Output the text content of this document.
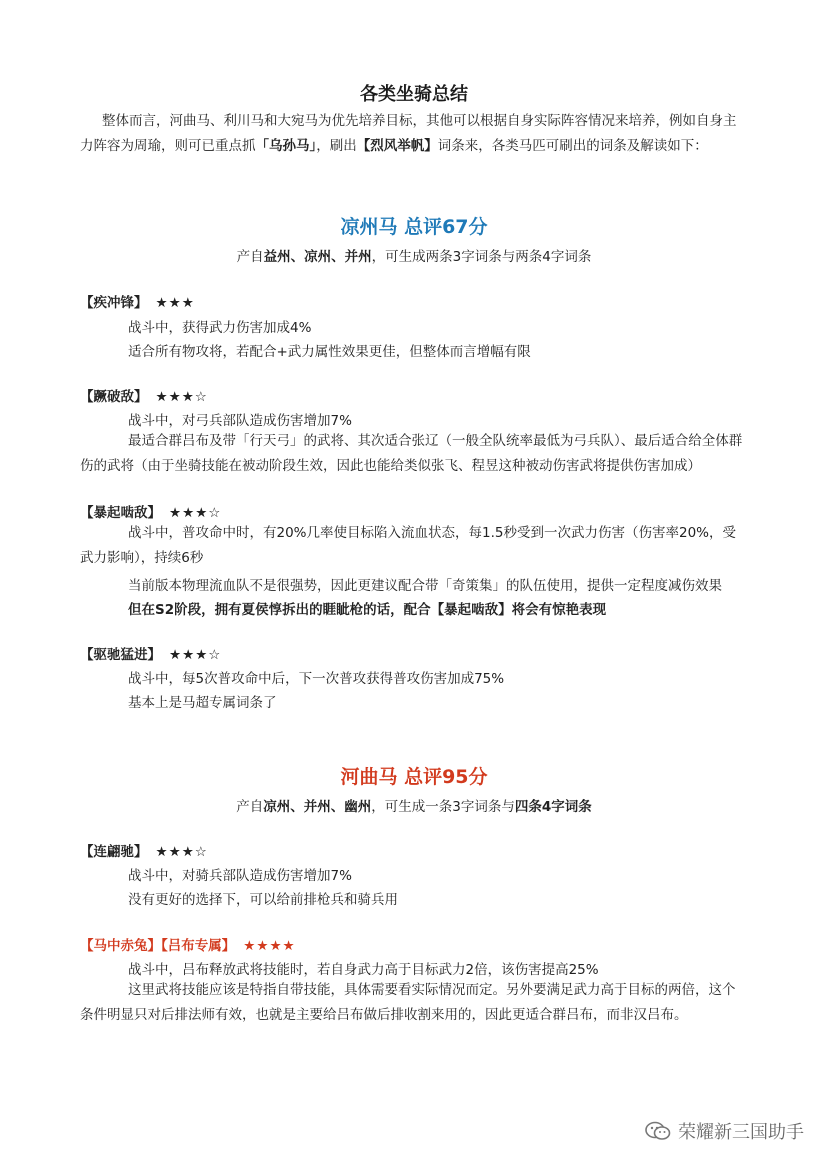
各类坐骑总结
整体而言，河曲马、利川马和大宛马为优先培养目标，其他可以根据自身实际阵容情况来培养，例如自身主力阵容为周瑜，则可已重点抓「乌孙马」，刷出【烈风举帆】词条来，各类马匹可刷出的词条及解读如下：
凉州马 总评67分
产自益州、凉州、并州，可生成两条3字词条与两条4字词条
【疾冲锋】 ★★★
战斗中，获得武力伤害加成4%
适合所有物攻将，若配合+武力属性效果更佳，但整体而言增幅有限
【蹶破敌】 ★★★☆
战斗中，对弓兵部队造成伤害增加7%
最适合群吕布及带「行天弓」的武将、其次适合张辽（一般全队统率最低为弓兵队）、最后适合给全体群伤的武将（由于坐骑技能在被动阶段生效，因此也能给类似张飞、程昱这种被动伤害武将提供伤害加成）
【暴起啮敌】 ★★★☆
战斗中，普攻命中时，有20%几率使目标陷入流血状态，每1.5秒受到一次武力伤害（伤害率20%，受武力影响），持续6秒
当前版本物理流血队不是很强势，因此更建议配合带「奇策集」的队伍使用，提供一定程度减伤效果
但在S2阶段，拥有夏侯惇拆出的睚眦枪的话，配合【暴起啮敌】将会有惊艳表现
【驱驰猛进】 ★★★☆
战斗中，每5次普攻命中后，下一次普攻获得普攻伤害加成75%
基本上是马超专属词条了
河曲马 总评95分
产自凉州、并州、幽州，可生成一条3字词条与四条4字词条
【连翩驰】 ★★★☆
战斗中，对骑兵部队造成伤害增加7%
没有更好的选择下，可以给前排枪兵和骑兵用
【马中赤兔】【吕布专属】 ★★★★
战斗中，吕布释放武将技能时，若自身武力高于目标武力2倍，该伤害提高25%
这里武将技能应该是特指自带技能，具体需要看实际情况而定。另外要满足武力高于目标的两倍，这个条件明显只对后排法师有效，也就是主要给吕布做后排收割来用的，因此更适合群吕布，而非汉吕布。
荣耀新三国助手
